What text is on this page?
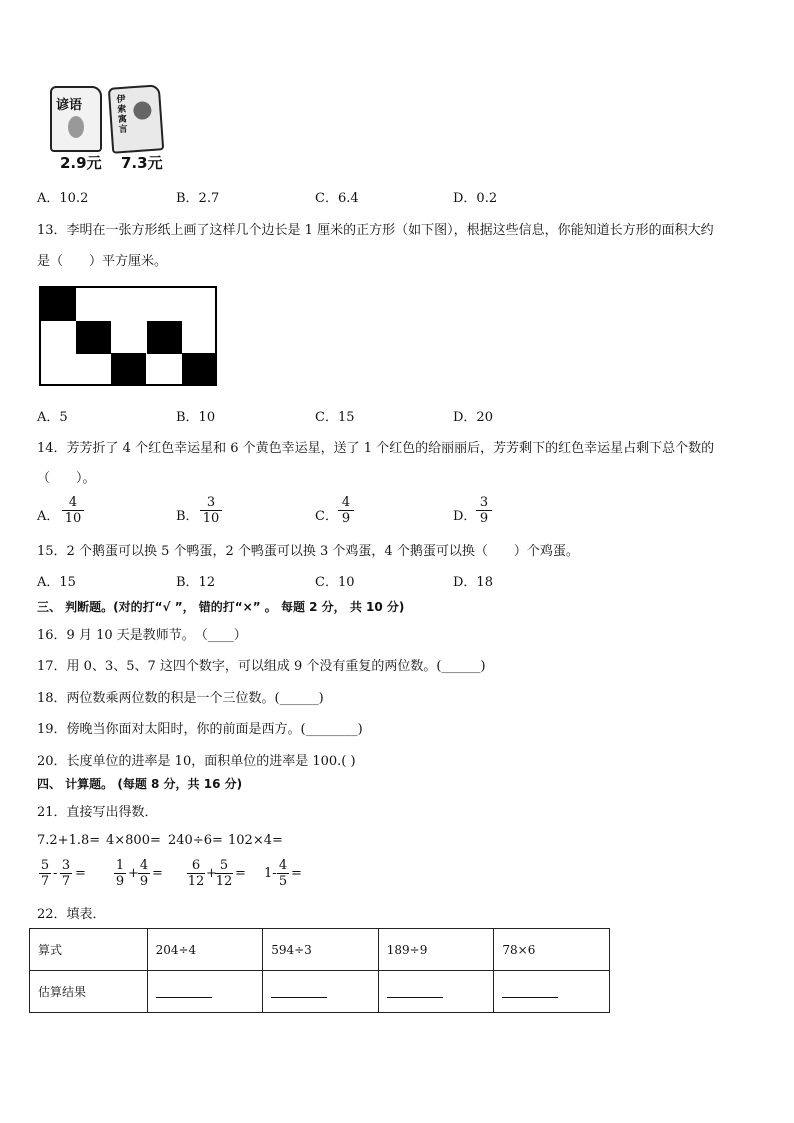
谚语	伊索寓言
2.9元 7.3元
A．10.2	B．2.7	C．6.4	D．0.2
13．李明在一张方形纸上画了这样几个边长是 1 厘米的正方形（如下图），根据这些信息，你能知道长方形的面积大约
是（　　）平方厘米。
A．5	B．10	C．15	D．20
14．芳芳折了 4 个红色幸运星和 6 个黄色幸运星，送了 1 个红色的给丽丽后，芳芳剩下的红色幸运星占剩下总个数的
（　　）。
A． $\frac{4}{10}$	B． $\frac{3}{10}$	C． $\frac{4}{9}$	D． $\frac{3}{9}$
15．2 个鹅蛋可以换 5 个鸭蛋，2 个鸭蛋可以换 3 个鸡蛋，4 个鹅蛋可以换（　　）个鸡蛋。
A．15	B．12	C．10	D．18
三、 判断题。(对的打“√ ”， 错的打“×” 。 每题 2 分， 共 10 分)
16．9 月 10 天是教师节。　（____）
17．用 0、3、5、7 这四个数字，可以组成 9 个没有重复的两位数。(______)
18．两位数乘两位数的积是一个三位数。(______)
19．傍晚当你面对太阳时，你的前面是西方。(________)
20．长度单位的进率是 10，面积单位的进率是 100.( )
四、 计算题。 (每题 8 分，共 16 分)
21．直接写出得数．
7.2+1.8= 4×800= 240÷6= 102×4=
$\frac{5}{7} - \frac{3}{7} = \frac{1}{9} + \frac{4}{9} = \frac{6}{12}$ +
$\frac{5}{12} = 1- \frac{4}{5}$ =
22．填表．
算式	204÷4	594÷3	189÷9	78×6
估算结果				
